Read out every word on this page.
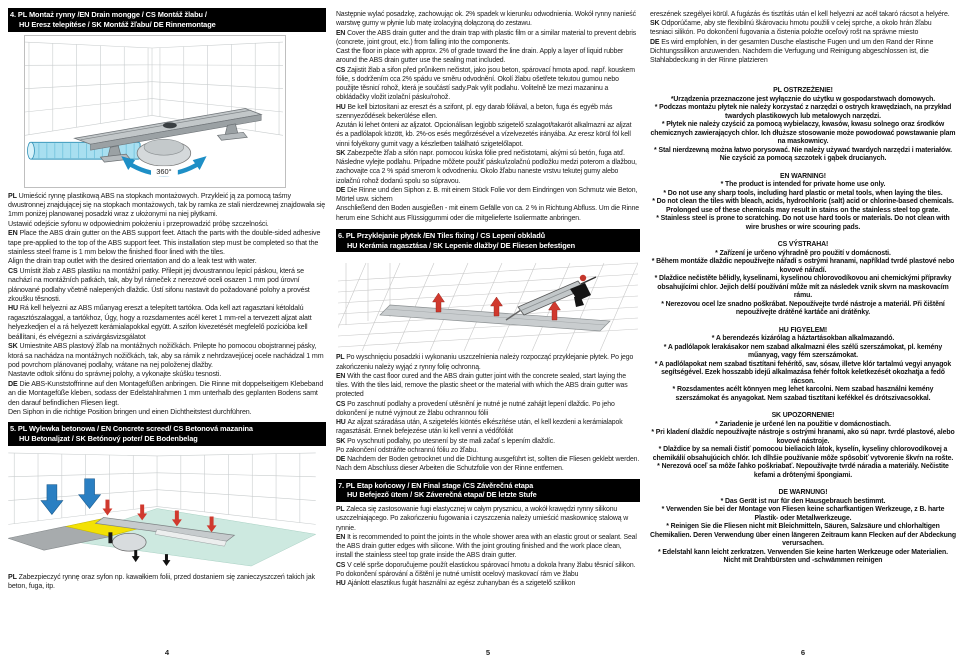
4. PL Montaż rynny /EN Drain mongge / CS Montáž žlabu /
HU Eresz telepítése / SK Montáž žľabu/ DE Rinnemontage
360°

PL Umieścić rynnę plastikową ABS na stopkach montażowych. Przykleić ją za pomocą taśmy dwustronnej znajdującej się na stopkach montażowych, tak by ramka ze stali nierdzewnej znajdowała się 1mm poniżej planowanej posadzki wraz z ułożonymi na niej płytkami.

Ustawić odejście syfonu w odpowiednim położeniu i przeprowadzić próbę szczelności.

EN Place the ABS drain gutter on the ABS support feet. Attach the parts with the double-sided adhesive tape pre-applied to the top of the ABS support feet. This installation step must be completed so that the stainless steel frame is 1 mm below the finished floor lined with the tiles.

Align the drain trap outlet with the desired orientation and do a leak test with water.

CS Umístit žlab z ABS plastiku na montážní patky. Přilepit jej dvoustrannou lepicí páskou, která se nachází na montážních patkách, tak, aby byl rámeček z nerezové oceli osazen 1 mm pod úrovní plánované podlahy včetně nalepených dlaždic. Ústí sifonu nastavit do požadované polohy a provést zkoušku těsnosti.

HU Rá kell helyezni az ABS műanyag ereszt a telepített tartókra. Oda kell azt ragasztani kétoldalú ragasztószalaggal, a tartókhoz, Úgy, hogy a rozsdamentes acél keret 1 mm-rel a tervezett aljzat alatt helyezkedjen el a rá helyezett kerámialapokkal együtt. A szifon kivezetését megfelelő pozícióba kell beállítani, és elvégezni a szivárgásvizsgálatot

SK Umiestnite ABS plastový žľab na montážnych nožičkách. Prilepte ho pomocou obojstrannej pásky, ktorá sa nachádza na montážnych nožičkách, tak, aby sa rámik z nehrdzavejúcej ocele nachádzal 1 mm pod povrchom plánovanej podlahy, vrátane na nej položenej dlažby.

Nastavte odtok sifónu do správnej polohy, a vykonajte skúšku tesnosti.

DE Die ABS-Kunststoffrinne auf den Montagefüßen anbringen. Die Rinne mit doppelseitigem Klebeband an die Montagefüße kleben, sodass der Edelstahlrahmen 1 mm unterhalb des geplanten Bodens samt den darauf befindlichen Fliesen liegt.

Den Siphon in die richtige Position bringen und einen Dichtheitstest durchführen.

5. PL Wylewka betonowa / EN Concrete screed/ CS Betonová mazanina
HU Betonaljzat / SK Betónový poter/ DE Bodenbelag

PL Zabezpieczyć rynnę oraz syfon np. kawałkiem folii, przed dostaniem się zanieczyszczeń takich jak beton, fuga, itp.

4

Następnie wylać posadzkę, zachowując ok. 2% spadek w kierunku odwodnienia. Wokół rynny nanieść warstwę gumy w płynie lub matę izolacyjną dołączoną do zestawu.

EN Cover the ABS drain gutter and the drain trap with plastic film or a similar material to prevent debris (concrete, joint grout, etc.) from falling into the components.

Cast the floor in place with approx. 2% of grade toward the line drain. Apply a layer of liquid rubber around the ABS drain gutter use the sealing mat included.

CS Zajistit žlab a sifon před průnikem nečistot, jako jsou beton, spárovací hmota apod. např. kouskem fólie, s dodržením cca 2% spádu ve směru odvodnění. Okolí žlabu ošetřete tekutou gumou nebo použijte těsnicí rohož, která je součástí sady.Pak vylít podlahu. Volitelně lze mezi mazaninu a obkládačky vložit izolační pásku/rohož.

HU Be kell biztosítani az ereszt és a szifont, pl. egy darab fóliával, a beton, fuga és egyéb más szennyeződések bekerülése ellen.

Azután ki lehet önteni az aljzatot. Opcionálisan legjobb szigetelő szalagot/takarót alkalmazni az aljzat és a padlólapok között, kb. 2%-os esés megőrzésével a vízelvezetés irányába. Az eresz körül föl kell vinni folyékony gumit vagy a készletben található szigetelőlapot.

SK Zabezpečte žľab a sifón napr. pomocou kúska fólie pred nečistotami, akými sú betón, fuga atď.

Následne vylejte podlahu. Prípadne môžete použiť pásku/izolačnú podložku medzi poterom a dlažbou, zachovajte cca 2 % spád smerom k odvodneniu. Okolo žľabu naneste vrstvu tekutej gumy alebo izolačnú rohož dodanú spolu so súpravou.

DE Die Rinne und den Siphon z. B. mit einem Stück Folie vor dem Eindringen von Schmutz wie Beton, Mörtel usw. sichern

Anschließend den Boden ausgießen - mit einem Gefälle von ca. 2 % in Richtung Abfluss. Um die Rinne herum eine Schicht aus Flüssiggummi oder die mitgelieferte Isoliermatte anbringen.

6. PL Przyklejanie płytek /EN Tiles fixing / CS Lepení obkladů
HU Kerámia ragasztása / SK Lepenie dlažby/ DE Fliesen befestigen

PL Po wyschnięciu posadzki i wykonaniu uszczelnienia należy rozpocząć przyklejanie płytek. Po jego zakończeniu należy wyjąć z rynny folię ochronną.

EN With the cast floor cured and the ABS drain gutter joint with the concrete sealed, start laying the tiles. With the tiles laid, remove the plastic sheet or the material with which the ABS drain gutter was protected

CS Po zaschnutí podlahy a provedení utěsnění je nutné je nutné zahájit lepení dlaždic. Po jeho dokončení je nutné vyjmout ze žlabu ochrannou fólii

HU Az aljzat száradása után, A szigetelés kiöntés elkészítése után, el kell kezdeni a kerámialapok ragasztását. Ennek befejezése után ki kell venni a védőfóliát

SK Po vyschnutí podlahy, po utesnení by ste mali začať s lepením dlaždíc.

Po zakončení odstráňte ochrannú fóliu zo žľabu.

DE Nachdem der Boden getrocknet und die Dichtung ausgeführt ist, sollten die Fliesen geklebt werden. Nach dem Abschluss dieser Arbeiten die Schutzfolie von der Rinne entfernen.

7. PL Etap końcowy / EN Final stage /CS Závěrečná etapa
HU Befejező ütem / SK Záverečná etapa/ DE letzte Stufe

PL Zaleca się zastosowanie fugi elastycznej w całym prysznicu, a wokół krawędzi rynny silikonu uszczelniającego. Po zakończeniu fugowania i czyszczenia należy umieścić maskownicę stalową w rynnie.

EN It is recommended to point the joints in the whole shower area with an elastic grout or sealant. Seal the ABS drain gutter edges with silicone. With the joint grouting finished and the work place clean, install the stainless steel top grate inside the ABS drain gutter.

CS V celé sprše doporučujeme použít elastickou spárovací hmotu a dokola hrany žlabu těsnicí silikon. Po dokončení spárování a čištění je nutné umístit ocelový maskovací rám ve žlabu

HU Ajánlott elasztikus fugát használni az egész zuhanyban és a szigetelő szilikon

5

ereszének szegélyei körül. A fugázás és tisztítás után el kell helyezni az acél takaró rácsot a helyére.

SK Odporúčame, aby ste flexibilnú škárovaciu hmotu použili v celej sprche, a okolo hrán žľabu tesniaci silikón. Po dokončení fugovania a čistenia položte oceľový rošt na správne miesto

DE Es wird empfohlen, in der gesamten Dusche elastische Fugen und um den Rand der Rinne Dichtungssilikon anzuwenden. Nachdem die Verfugung und Reinigung abgeschlossen ist, die Stahlabdeckung in der Rinne platzieren

PL OSTRZEŻENIE!
*Urządzenia przeznaczone jest wyłącznie do użytku w gospodarstwach domowych.
* Podczas montażu płytek nie należy korzystać z narzędzi o ostrych krawędziach, na przykład twardych plastikowych lub metalowych narzędzi.
* Płytek nie należy czyścić za pomocą wybielaczy, kwasów, kwasu solnego oraz środków chemicznych zawierających chlor. Ich dłuższe stosowanie może powodować powstawanie plam na maskownicy.
* Stal nierdzewną można łatwo porysować. Nie należy używać twardych narzędzi i materiałów. Nie czyścić za pomocą szczotek i gąbek drucianych.
EN WARNING!
* The product is intended for private home use only.
* Do not use any sharp tools, including hard plastic or metal tools, when laying the tiles.
* Do not clean the tiles with bleach, acids, hydrochloric (salt) acid or chlorine-based chemicals. Prolonged use of these chemicals may result in stains on the stainless steel top grate.
* Stainless steel is prone to scratching. Do not use hard tools or materials. Do not clean with wire brushes or wire scouring pads.
CS VÝSTRAHA!
* Zařízení je určeno výhradně pro použití v domácnosti.
* Během montáže dlaždic nepoužívejte nářadí s ostrými hranami, například tvrdé plastové nebo kovové nářadí.
* Dlaždice nečistěte bělidly, kyselinami, kyselinou chlorovodíkovou ani chemickými přípravky obsahujícími chlor. Jejich delší používání může mít za následek vznik skvrn na maskovacím rámu.
* Nerezovou ocel lze snadno poškrábat. Nepoužívejte tvrdé nástroje a materiál. Při čištění nepoužívejte drátěné kartáče ani drátěnky.
HU FIGYELEM!
* A berendezés kizárólag a háztartásokban alkalmazandó.
* A padlólapok lerakásakor nem szabad alkalmazni éles szélű szerszámokat, pl. kemény műanyag, vagy fém szerszámokat.
* A padlólapokat nem szabad tisztítani fehérítő, sav, sósav, illetve klór tartalmú vegyi anyagok segítségével. Ezek hosszabb idejű alkalmazása fehér foltok keletkezését okozhatja a fedő rácson.
* Rozsdamentes acélt könnyen meg lehet karcolni. Nem szabad használni kemény szerszámokat és anyagokat. Nem szabad tisztítani kefékkel és drótszivacsokkal.
SK UPOZORNENIE!
* Zariadenie je určené len na použitie v domácnostiach.
* Pri kladení dlaždíc nepoužívajte nástroje s ostrými hranami, ako sú napr. tvrdé plastové, alebo kovové nástroje.
* Dlaždice by sa nemali čistiť pomocou bieliacich látok, kyselín, kyseliny chlorovodíkovej a chemikálií obsahujúcich chlór. Ich dlhšie používanie môže spôsobiť vytvorenie škvŕn na rošte.
* Nerezová oceľ sa môže ľahko poškriabať. Nepoužívajte tvrdé náradia a materiály. Nečistite kefami a drôtenými špongiami.
DE WARNUNG!
* Das Gerät ist nur für den Hausgebrauch bestimmt.
* Verwenden Sie bei der Montage von Fliesen keine scharfkantigen Werkzeuge, z B. harte Plastik- oder Metallwerkzeuge.
* Reinigen Sie die Fliesen nicht mit Bleichmitteln, Säuren, Salzsäure und chlorhaltigen Chemikalien. Deren Verwendung über einen längeren Zeitraum kann Flecken auf der Abdeckung verursachen.
* Edelstahl kann leicht zerkratzen. Verwenden Sie keine harten Werkzeuge oder Materialien. Nicht mit Drahtbürsten und -schwämmen reinigen
6
